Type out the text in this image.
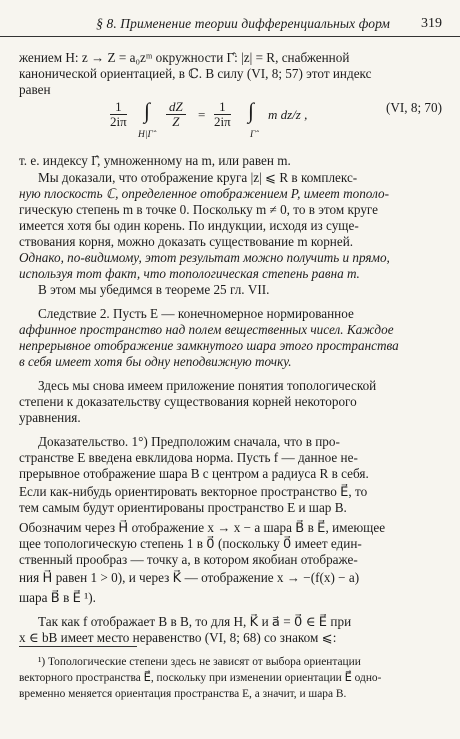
§ 8. Применение теории дифференциальных форм 319
жением H: z → Z = a₀zᵐ окружности Γ̂: |z| = R, снабженной
канонической ориентацией, в ℂ. В силу (VI, 8; 57) этот индекс
равен
$\frac{1}{2i\pi}$ ∫
H|Γ̂
$\frac{dZ}{Z} = \frac{1}{2i\pi}$ ∫
Γ̂
m dz/z ,	(VI, 8; 70)
т. е. индексу Γ̂, умноженному на m, или равен m.
Мы доказали, что отображение круга |z| ⩽ R в комплекс-
ную плоскость ℂ, определенное отображением P, имеет тополо-
гическую степень m в точке 0. Поскольку m ≠ 0, то в этом круге
имеется хотя бы один корень. По индукции, исходя из суще-
ствования корня, можно доказать существование m корней.
Однако, по-видимому, этот результат можно получить и прямо,
используя тот факт, что топологическая степень равна m.
В этом мы убедимся в теореме 25 гл. VII.
Следствие 2. Пусть E — конечномерное нормированное
аффинное пространство над полем вещественных чисел. Каждое
непрерывное отображение замкнутого шара этого пространства
в себя имеет хотя бы одну неподвижную точку.
Здесь мы снова имеем приложение понятия топологической
степени к доказательству существования корней некоторого
уравнения.
Доказательство. 1°) Предположим сначала, что в про-
странстве E введена евклидова норма. Пусть f — данное не-
прерывное отображение шара B с центром a радиуса R в себя.
Если как-нибудь ориентировать векторное пространство E⃗, то
тем самым будут ориентированы пространство E и шар B.
Обозначим через H⃗ отображение x → x − a шара B⃗ в E⃗, имеющее
щее топологическую степень 1 в 0⃗ (поскольку 0⃗ имеет един-
ственный прообраз — точку a, в котором якобиан отображе-
ния H⃗ равен 1 > 0), и через K⃗ — отображение x → −(f(x) − a)
шара B⃗ в E⃗ ¹).
Так как f отображает B в B, то для H, K⃗ и a⃗ = 0⃗ ∈ E⃗ при
x ∈ bB имеет место неравенство (VI, 8; 68) со знаком ⩽:
¹) Топологические степени здесь не зависят от выбора ориентации
векторного пространства E⃗, поскольку при изменении ориентации E⃗ одно-
временно меняется ориентация пространства E, а значит, и шара B.
